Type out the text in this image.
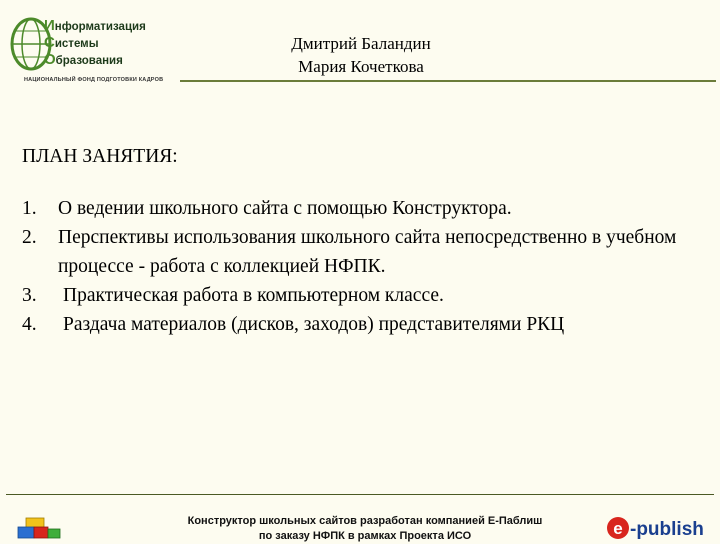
Информатизация
Системы
Образования
НАЦИОНАЛЬНЫЙ ФОНД ПОДГОТОВКИ КАДРОВ
Дмитрий Баландин
Мария Кочеткова
ПЛАН ЗАНЯТИЯ:
1. О ведении школьного сайта с помощью Конструктора.
2. Перспективы использования школьного сайта непосредственно в учебном процессе - работа с коллекцией НФПК.
3. Практическая работа в компьютерном классе.
4. Раздача материалов (дисков, заходов) представителями РКЦ
Конструктор школьных сайтов разработан компанией Е-Паблиш
по заказу НФПК в рамках Проекта ИСО	e -publish
